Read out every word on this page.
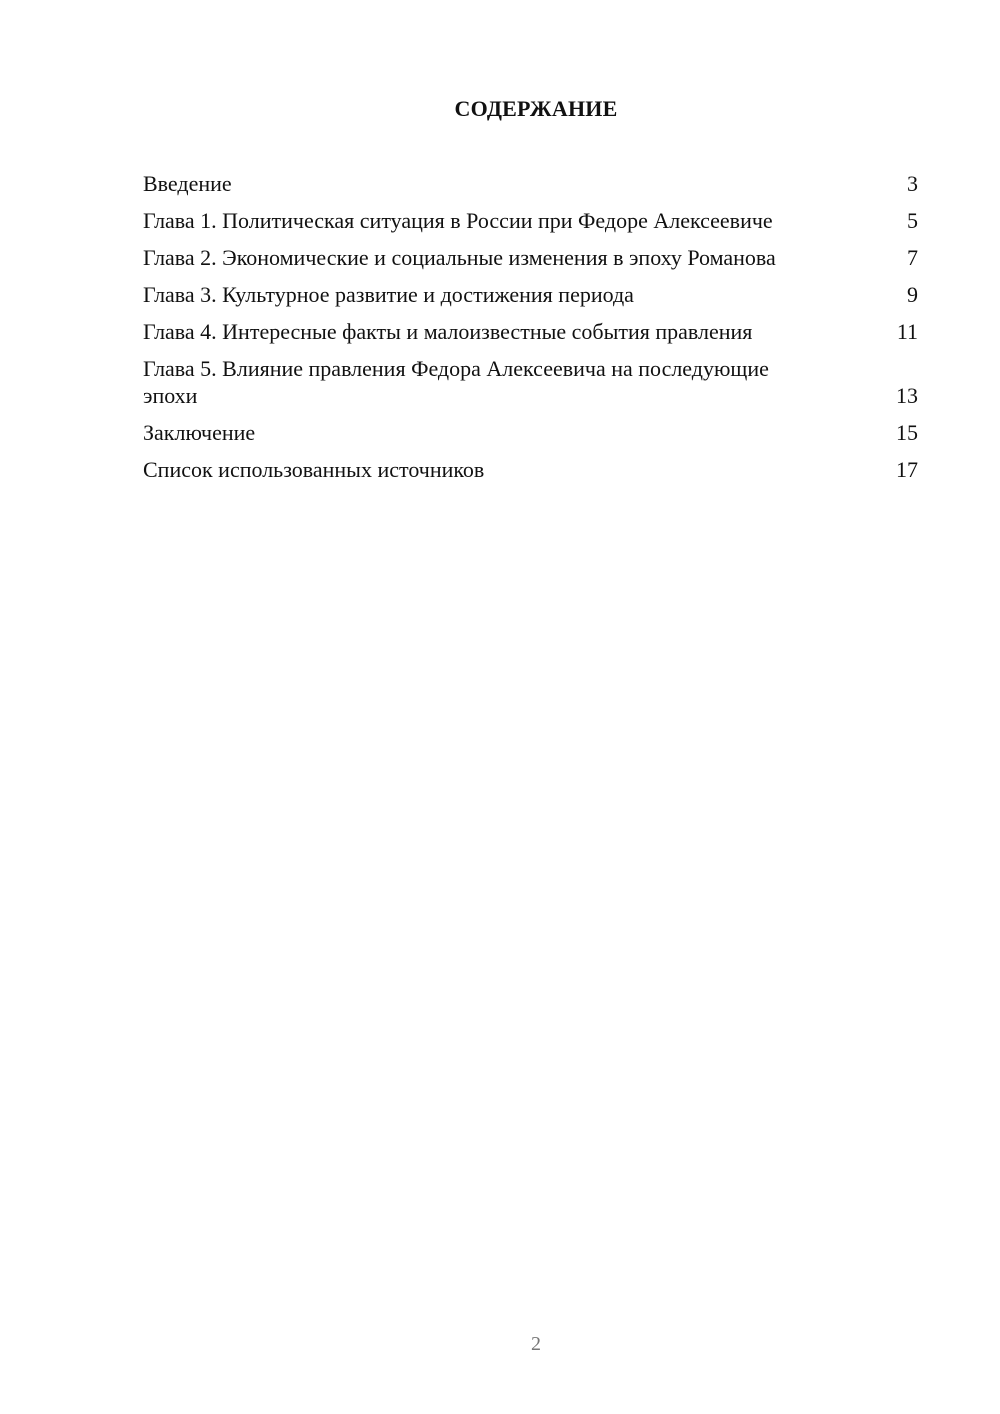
СОДЕРЖАНИЕ
Введение	3
Глава 1. Политическая ситуация в России при Федоре Алексеевиче	5
Глава 2. Экономические и социальные изменения в эпоху Романова	7
Глава 3. Культурное развитие и достижения периода	9
Глава 4. Интересные факты и малоизвестные события правления	11
Глава 5. Влияние правления Федора Алексеевича на последующие эпохи	13
Заключение	15
Список использованных источников	17
2
